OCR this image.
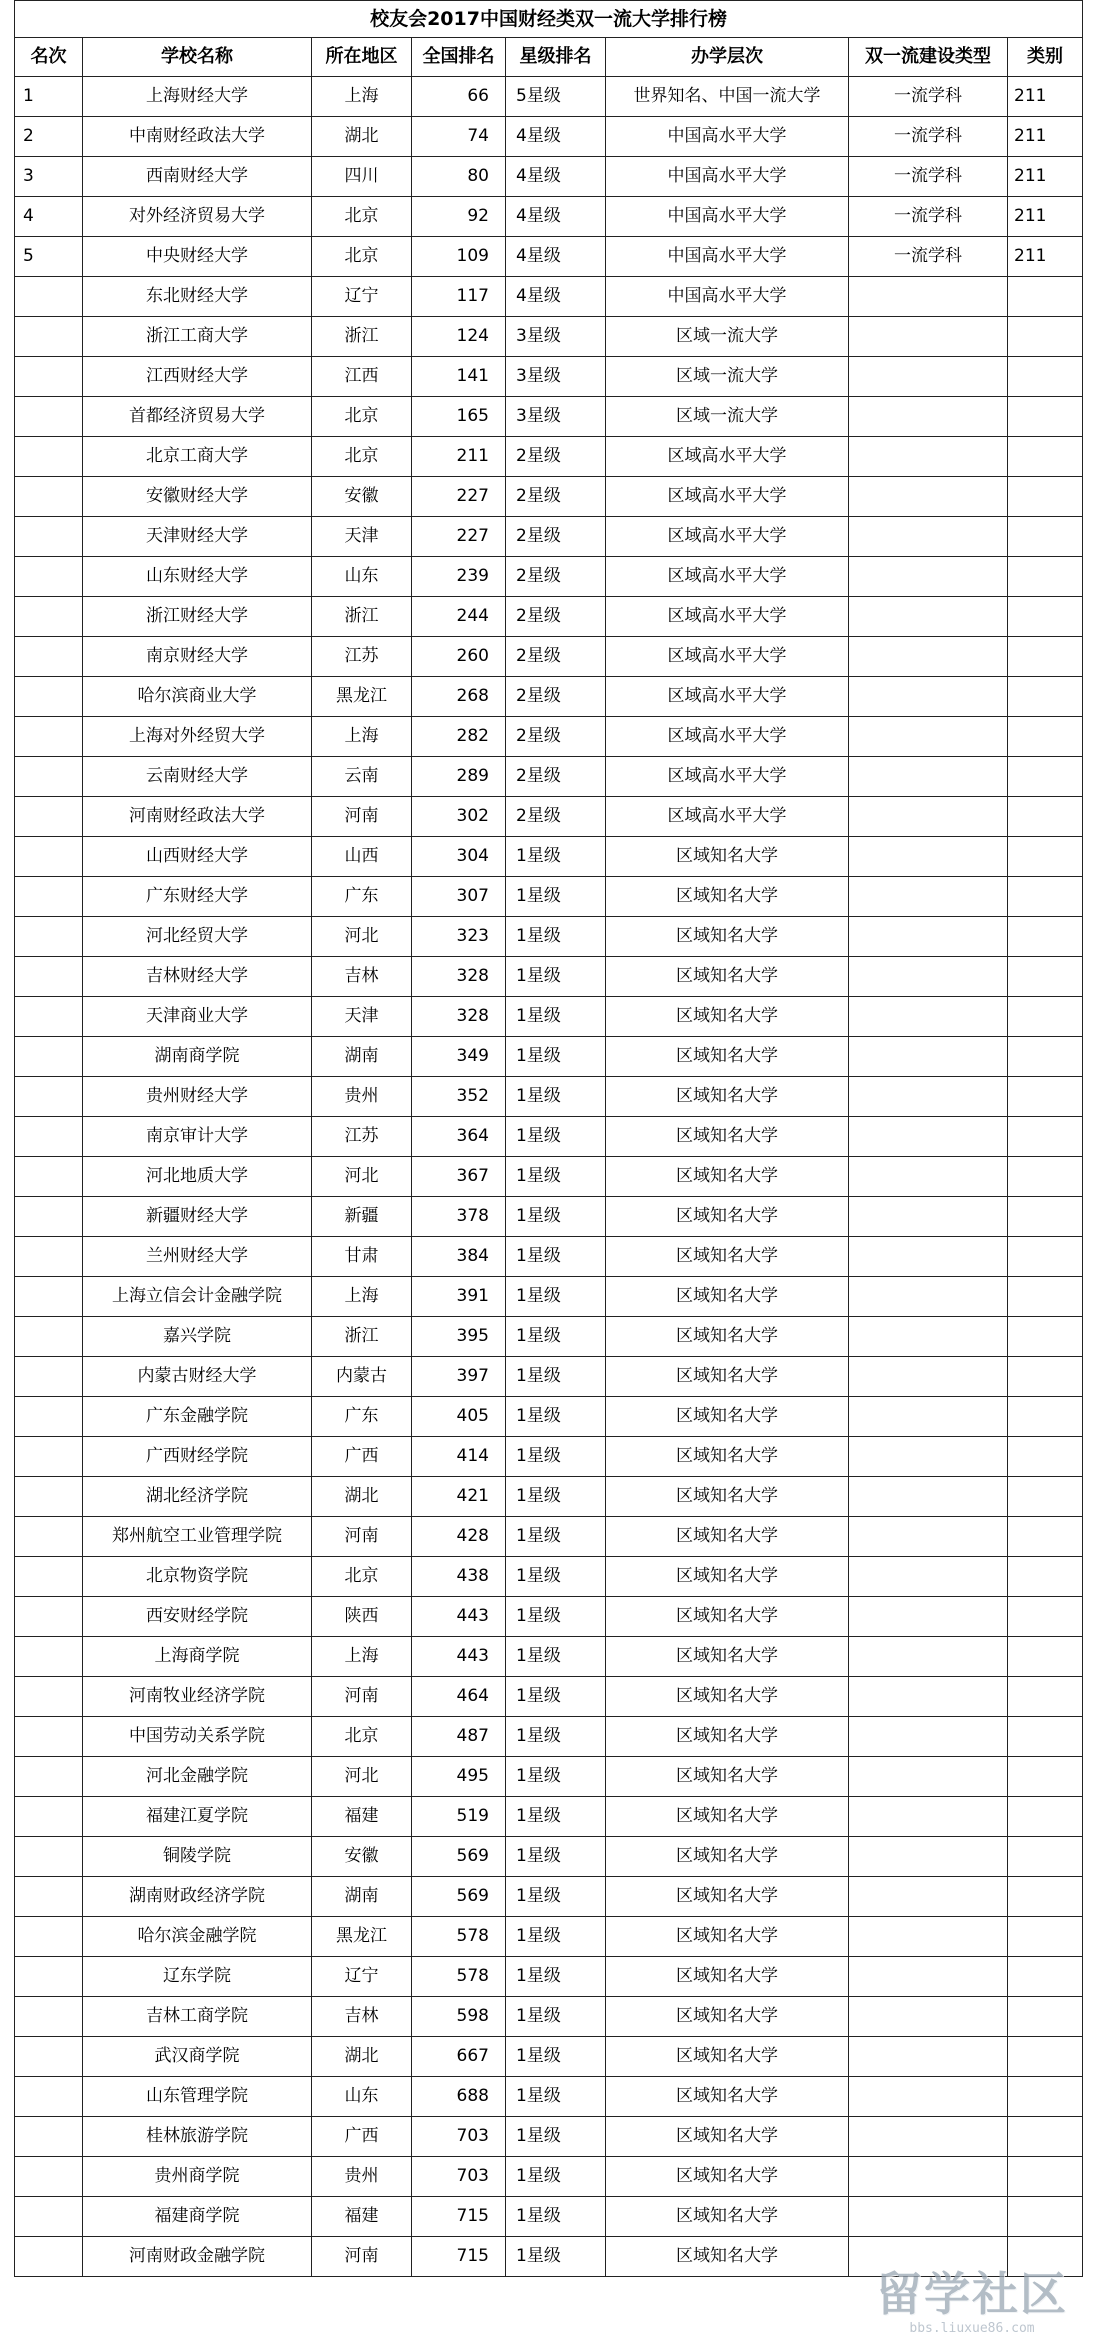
校友会2017中国财经类双一流大学排行榜							
名次	学校名称	所在地区	全国排名	星级排名	办学层次	双一流建设类型	类别
1	上海财经大学	上海	66	5星级	世界知名、中国一流大学	一流学科	211
2	中南财经政法大学	湖北	74	4星级	中国高水平大学	一流学科	211
3	西南财经大学	四川	80	4星级	中国高水平大学	一流学科	211
4	对外经济贸易大学	北京	92	4星级	中国高水平大学	一流学科	211
5	中央财经大学	北京	109	4星级	中国高水平大学	一流学科	211
	东北财经大学	辽宁	117	4星级	中国高水平大学		
	浙江工商大学	浙江	124	3星级	区域一流大学		
	江西财经大学	江西	141	3星级	区域一流大学		
	首都经济贸易大学	北京	165	3星级	区域一流大学		
	北京工商大学	北京	211	2星级	区域高水平大学		
	安徽财经大学	安徽	227	2星级	区域高水平大学		
	天津财经大学	天津	227	2星级	区域高水平大学		
	山东财经大学	山东	239	2星级	区域高水平大学		
	浙江财经大学	浙江	244	2星级	区域高水平大学		
	南京财经大学	江苏	260	2星级	区域高水平大学		
	哈尔滨商业大学	黑龙江	268	2星级	区域高水平大学		
	上海对外经贸大学	上海	282	2星级	区域高水平大学		
	云南财经大学	云南	289	2星级	区域高水平大学		
	河南财经政法大学	河南	302	2星级	区域高水平大学		
	山西财经大学	山西	304	1星级	区域知名大学		
	广东财经大学	广东	307	1星级	区域知名大学		
	河北经贸大学	河北	323	1星级	区域知名大学		
	吉林财经大学	吉林	328	1星级	区域知名大学		
	天津商业大学	天津	328	1星级	区域知名大学		
	湖南商学院	湖南	349	1星级	区域知名大学		
	贵州财经大学	贵州	352	1星级	区域知名大学		
	南京审计大学	江苏	364	1星级	区域知名大学		
	河北地质大学	河北	367	1星级	区域知名大学		
	新疆财经大学	新疆	378	1星级	区域知名大学		
	兰州财经大学	甘肃	384	1星级	区域知名大学		
	上海立信会计金融学院	上海	391	1星级	区域知名大学		
	嘉兴学院	浙江	395	1星级	区域知名大学		
	内蒙古财经大学	内蒙古	397	1星级	区域知名大学		
	广东金融学院	广东	405	1星级	区域知名大学		
	广西财经学院	广西	414	1星级	区域知名大学		
	湖北经济学院	湖北	421	1星级	区域知名大学		
	郑州航空工业管理学院	河南	428	1星级	区域知名大学		
	北京物资学院	北京	438	1星级	区域知名大学		
	西安财经学院	陕西	443	1星级	区域知名大学		
	上海商学院	上海	443	1星级	区域知名大学		
	河南牧业经济学院	河南	464	1星级	区域知名大学		
	中国劳动关系学院	北京	487	1星级	区域知名大学		
	河北金融学院	河北	495	1星级	区域知名大学		
	福建江夏学院	福建	519	1星级	区域知名大学		
	铜陵学院	安徽	569	1星级	区域知名大学		
	湖南财政经济学院	湖南	569	1星级	区域知名大学		
	哈尔滨金融学院	黑龙江	578	1星级	区域知名大学		
	辽东学院	辽宁	578	1星级	区域知名大学		
	吉林工商学院	吉林	598	1星级	区域知名大学		
	武汉商学院	湖北	667	1星级	区域知名大学		
	山东管理学院	山东	688	1星级	区域知名大学		
	桂林旅游学院	广西	703	1星级	区域知名大学		
	贵州商学院	贵州	703	1星级	区域知名大学		
	福建商学院	福建	715	1星级	区域知名大学		
	河南财政金融学院	河南	715	1星级	区域知名大学		
留学社区
bbs.liuxue86.com
